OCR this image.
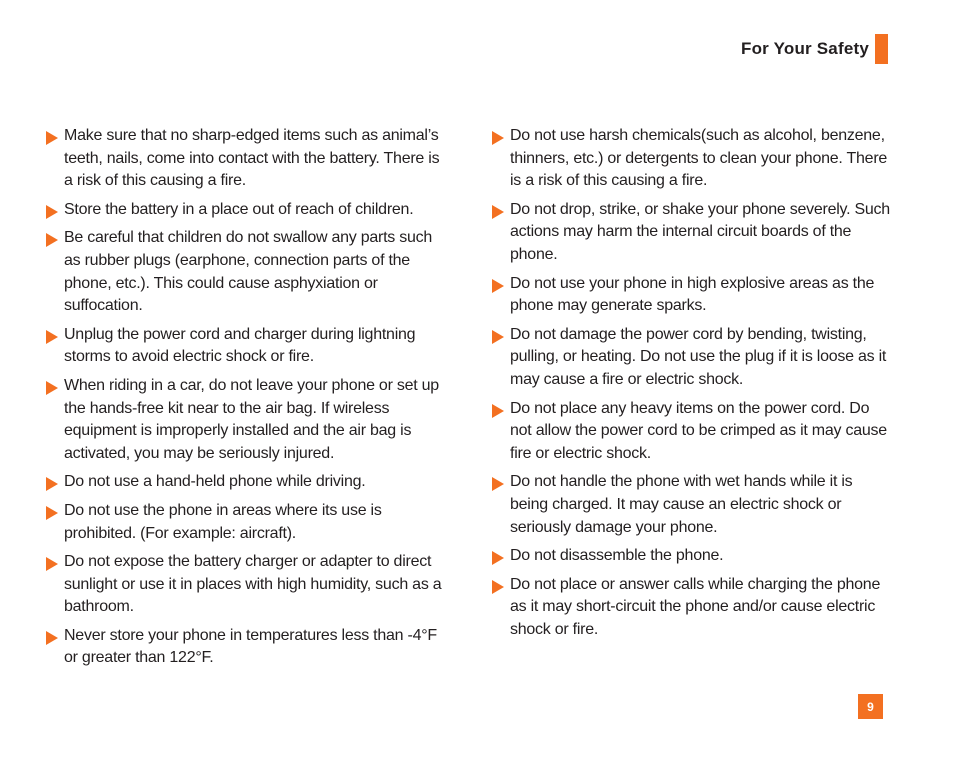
For Your Safety
Make sure that no sharp-edged items such as animal’s teeth, nails, come into contact with the battery. There is a risk of this causing a fire.
Store the battery in a place out of reach of children.
Be careful that children do not swallow any parts such as rubber plugs (earphone, connection parts of the phone, etc.). This could cause asphyxiation or suffocation.
Unplug the power cord and charger during lightning storms to avoid electric shock or fire.
When riding in a car, do not leave your phone or set up the hands-free kit near to the air bag. If wireless equipment is improperly installed and the air bag is activated, you may be seriously injured.
Do not use a hand-held phone while driving.
Do not use the phone in areas where its use is prohibited. (For example: aircraft).
Do not expose the battery charger or adapter to direct sunlight or use it in places with high humidity, such as a bathroom.
Never store your phone in temperatures less than -4°F or greater than 122°F.
Do not use harsh chemicals(such as alcohol, benzene, thinners, etc.) or detergents to clean your phone. There is a risk of this causing a fire.
Do not drop, strike, or shake your phone severely. Such actions may harm the internal circuit boards of the phone.
Do not use your phone in high explosive areas as the phone may generate sparks.
Do not damage the power cord by bending, twisting, pulling, or heating. Do not use the plug if it is loose as it may cause a fire or electric shock.
Do not place any heavy items on the power cord. Do not allow the power cord to be crimped as it may cause fire or electric shock.
Do not handle the phone with wet hands while it is being charged. It may cause an electric shock or seriously damage your phone.
Do not disassemble the phone.
Do not place or answer calls while charging the phone as it may short-circuit the phone and/or cause electric shock or fire.
9
